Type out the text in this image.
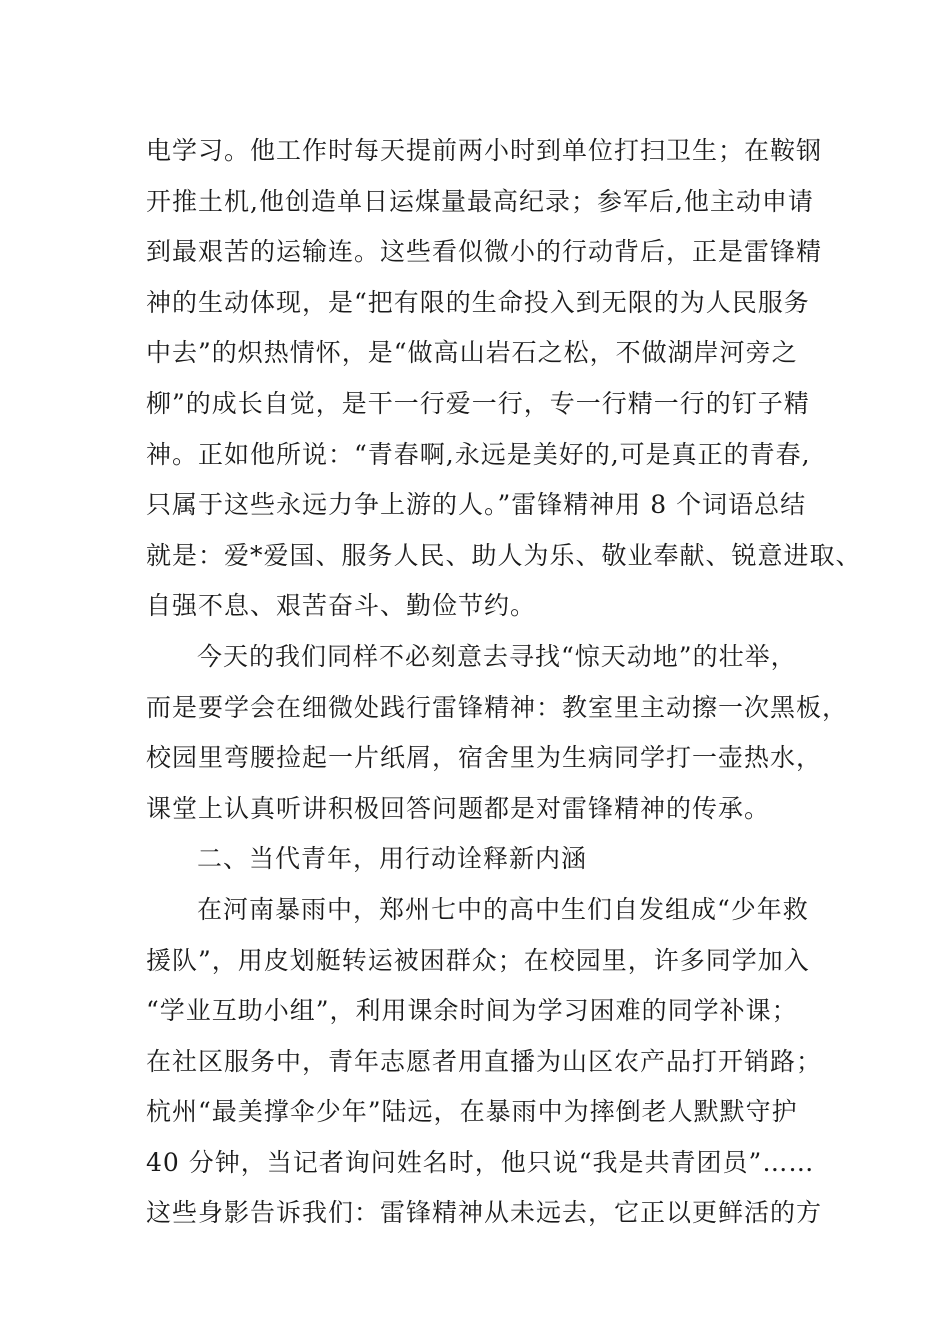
电学习。他工作时每天提前两小时到单位打扫卫生；在鞍钢
开推土机,他创造单日运煤量最高纪录；参军后,他主动申请
到最艰苦的运输连。这些看似微小的行动背后，正是雷锋精
神的生动体现，是“把有限的生命投入到无限的为人民服务
中去”的炽热情怀，是“做高山岩石之松，不做湖岸河旁之
柳”的成长自觉，是干一行爱一行，专一行精一行的钉子精
神。正如他所说：“青春啊,永远是美好的,可是真正的青春,
只属于这些永远力争上游的人。”雷锋精神用 8 个词语总结
就是：爱*爱国、服务人民、助人为乐、敬业奉献、锐意进取、
自强不息、艰苦奋斗、勤俭节约。
今天的我们同样不必刻意去寻找“惊天动地”的壮举，
而是要学会在细微处践行雷锋精神：教室里主动擦一次黑板，
校园里弯腰捡起一片纸屑，宿舍里为生病同学打一壶热水，
课堂上认真听讲积极回答问题都是对雷锋精神的传承。
二、当代青年，用行动诠释新内涵
在河南暴雨中，郑州七中的高中生们自发组成“少年救
援队”，用皮划艇转运被困群众；在校园里，许多同学加入
“学业互助小组”，利用课余时间为学习困难的同学补课；
在社区服务中，青年志愿者用直播为山区农产品打开销路；
杭州“最美撑伞少年”陆远，在暴雨中为摔倒老人默默守护
40 分钟，当记者询问姓名时，他只说“我是共青团员”……
这些身影告诉我们：雷锋精神从未远去，它正以更鲜活的方
